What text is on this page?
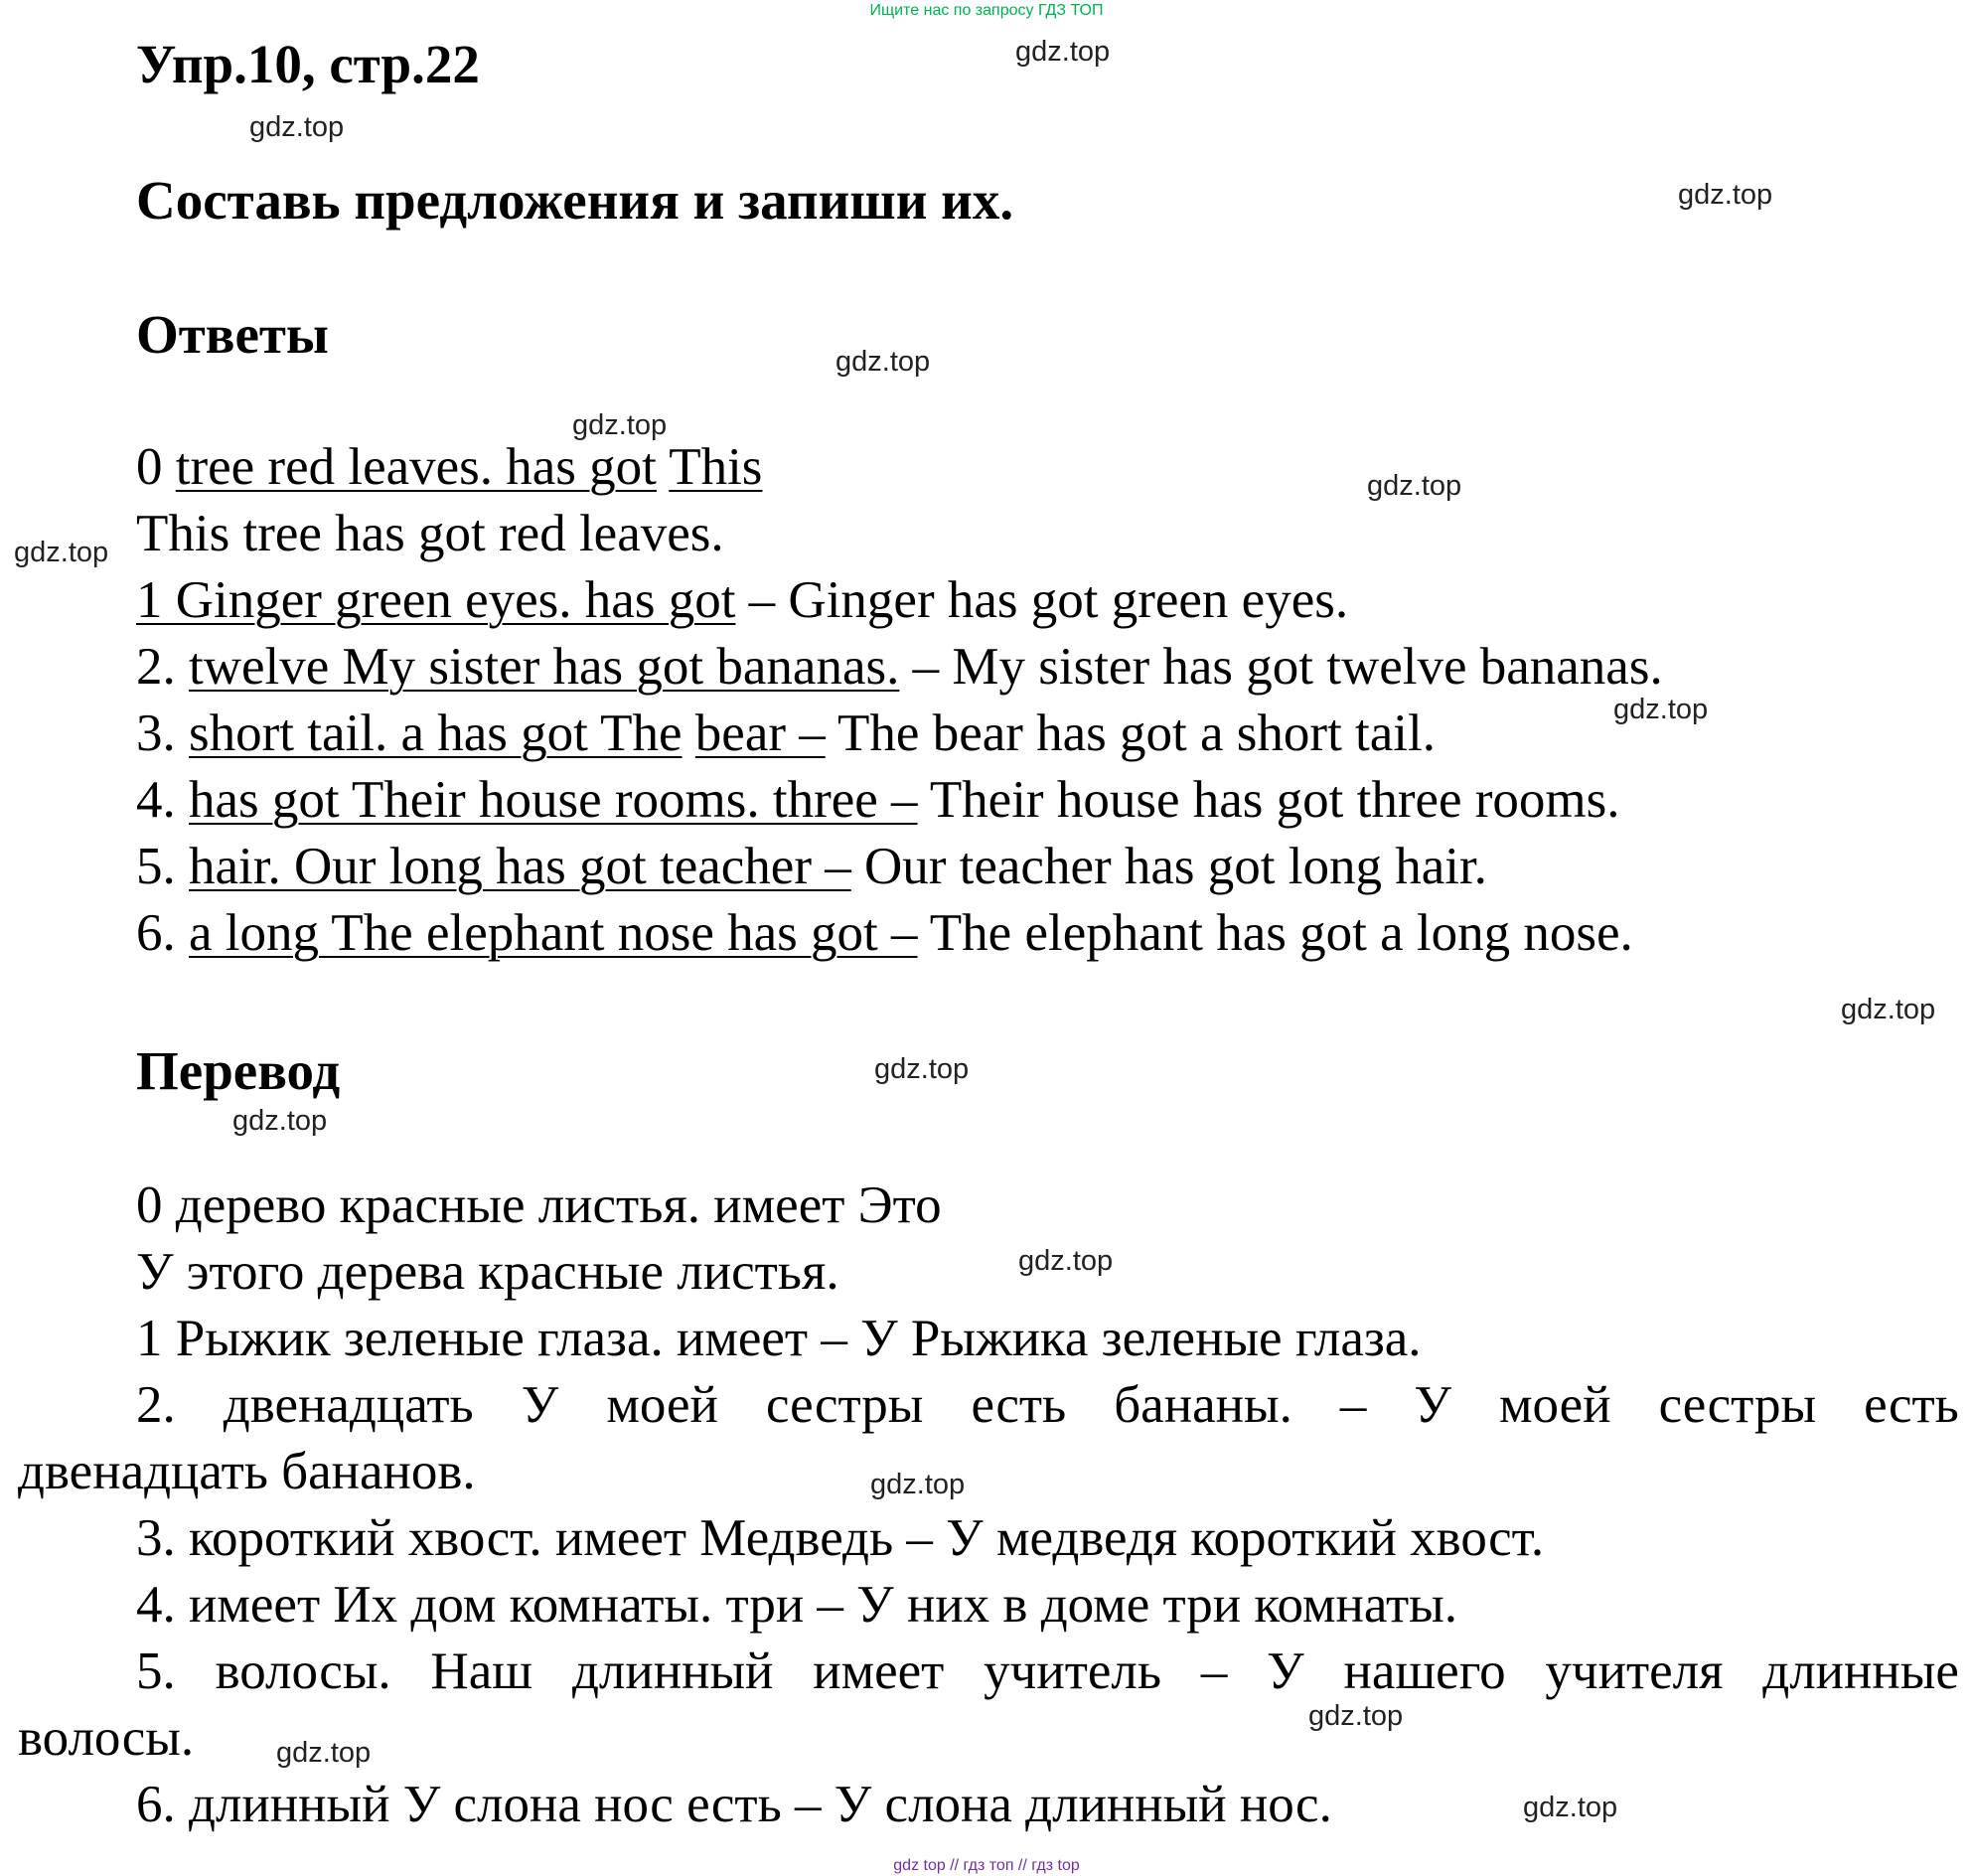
Ищите нас по запросу ГДЗ ТОП
Упр.10, стр.22
Составь предложения и запиши их.
Ответы
0 tree red leaves. has got This
This tree has got red leaves.
1 Ginger green eyes. has got – Ginger has got green eyes.
2. twelve My sister has got bananas. – My sister has got twelve bananas.
3. short tail. a has got The bear – The bear has got a short tail.
4. has got Their house rooms. three – Their house has got three rooms.
5. hair. Our long has got teacher – Our teacher has got long hair.
6. a long The elephant nose has got – The elephant has got a long nose.
Перевод
0 дерево красные листья. имеет Это
У этого дерева красные листья.
1 Рыжик зеленые глаза. имеет – У Рыжика зеленые глаза.
2. двенадцать У моей сестры есть бананы. – У моей сестры есть
двенадцать бананов.
3. короткий хвост. имеет Медведь – У медведя короткий хвост.
4. имеет Их дом комнаты. три – У них в доме три комнаты.
5. волосы. Наш длинный имеет учитель – У нашего учителя длинные
волосы.
6. длинный У слона нос есть – У слона длинный нос.
gdz.top
gdz.top
gdz.top
gdz.top
gdz.top
gdz.top
gdz.top
gdz.top
gdz.top
gdz.top
gdz.top
gdz.top
gdz.top
gdz.top
gdz.top
gdz.top
gdz top // гдз топ // гдз top
